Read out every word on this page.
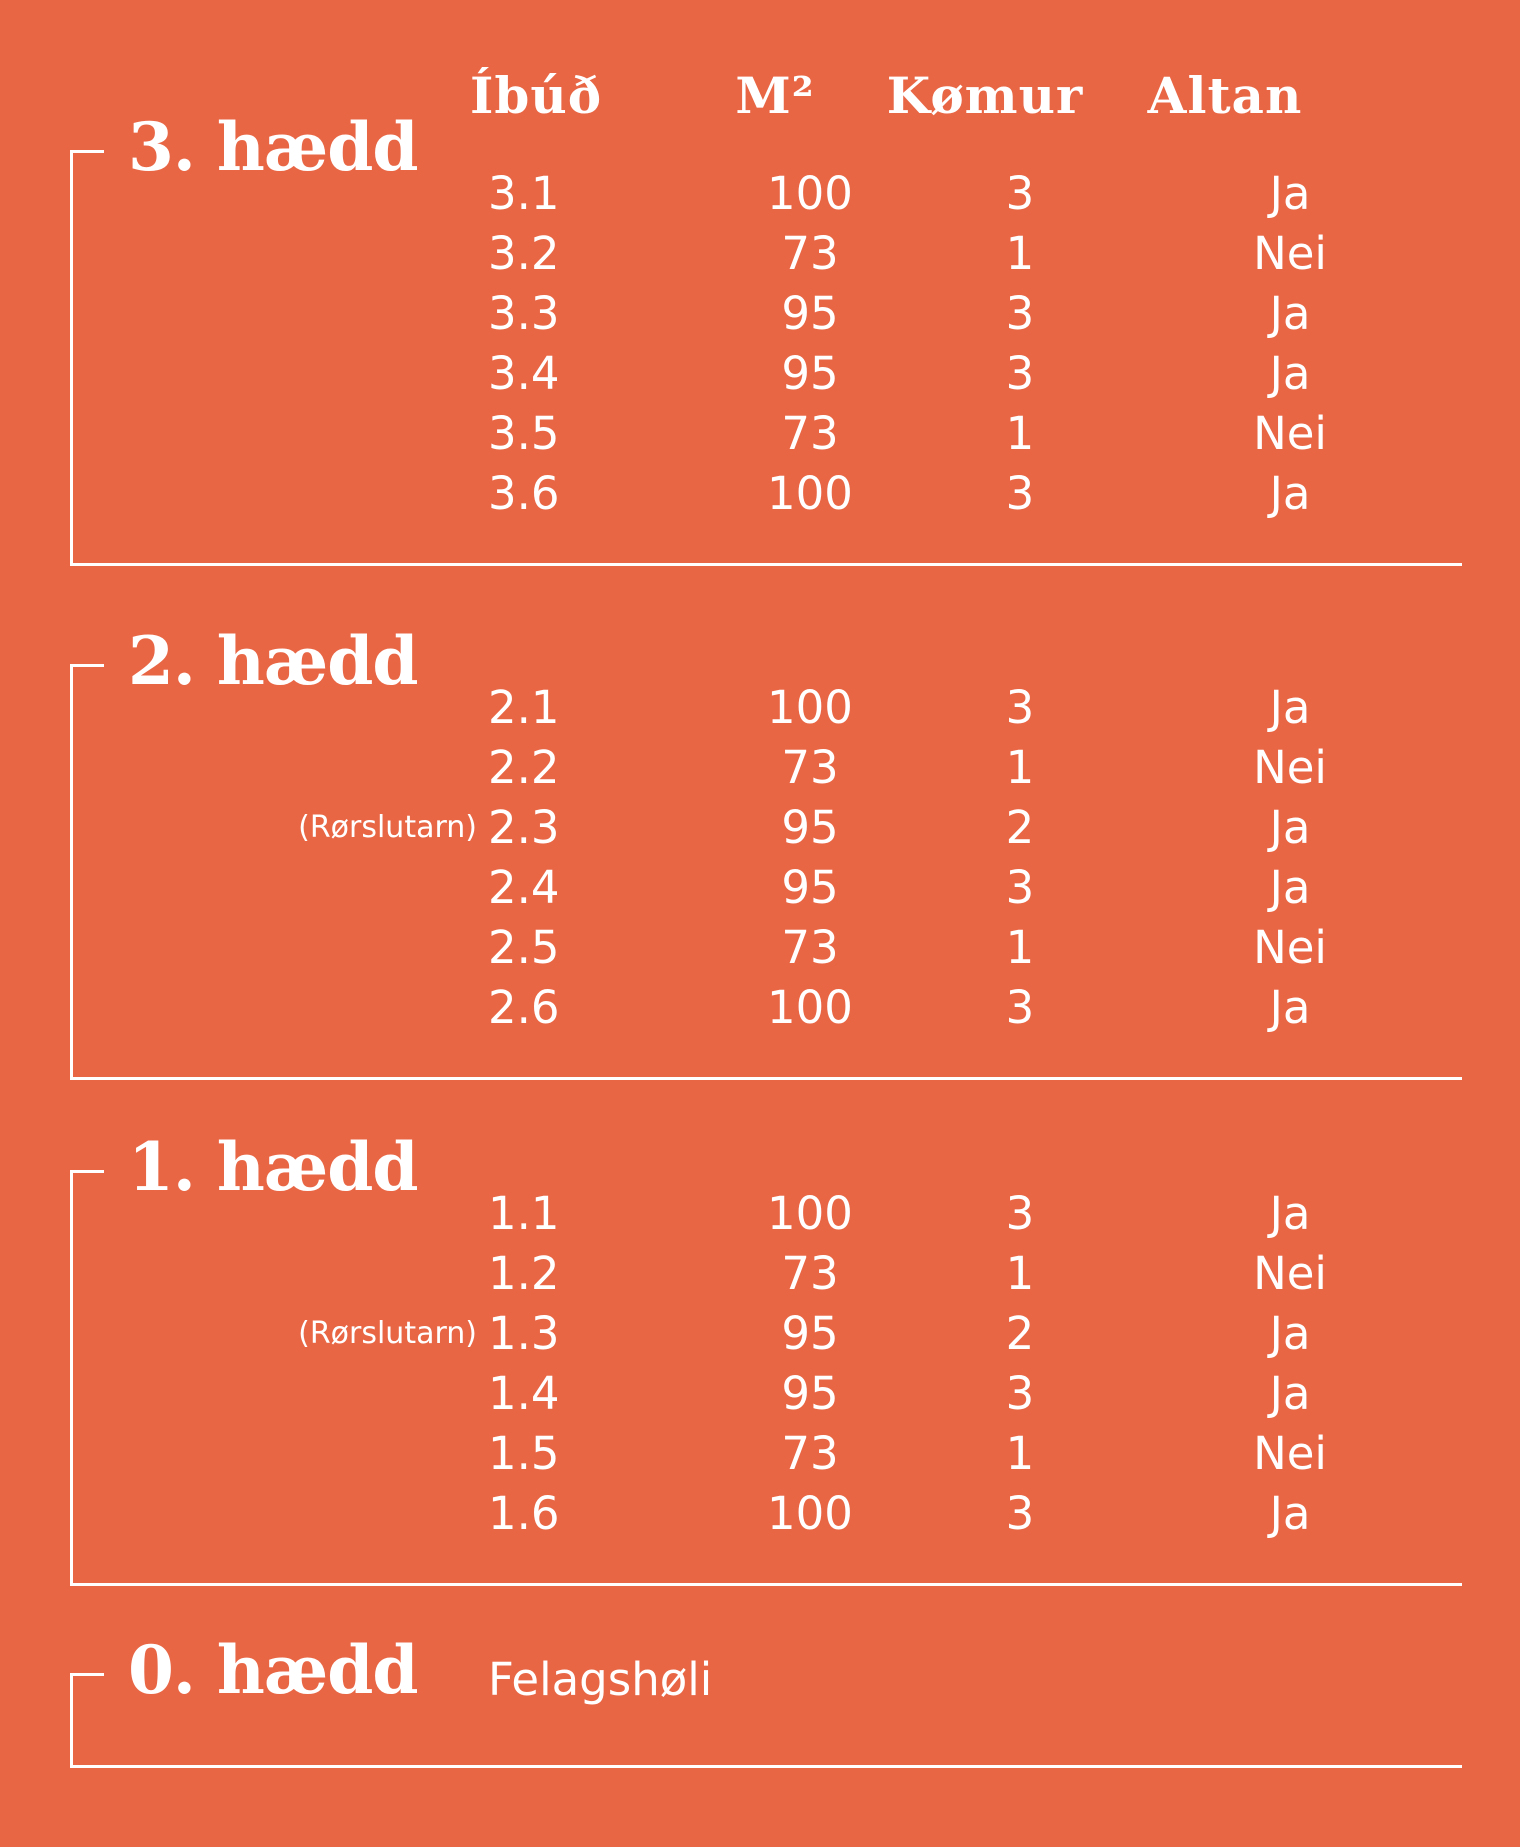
Íbúð	M²	Kømur	Altan
3. hædd
3.1	100	3	Ja
3.2	73	1	Nei
3.3	95	3	Ja
3.4	95	3	Ja
3.5	73	1	Nei
3.6	100	3	Ja
2. hædd
2.1	100	3	Ja
2.2	73	1	Nei
(Rørslutarn) 2.3	95	2	Ja
2.4	95	3	Ja
2.5	73	1	Nei
2.6	100	3	Ja
1. hædd
1.1	100	3	Ja
1.2	73	1	Nei
(Rørslutarn) 1.3	95	2	Ja
1.4	95	3	Ja
1.5	73	1	Nei
1.6	100	3	Ja
0. hædd Felagshøli
